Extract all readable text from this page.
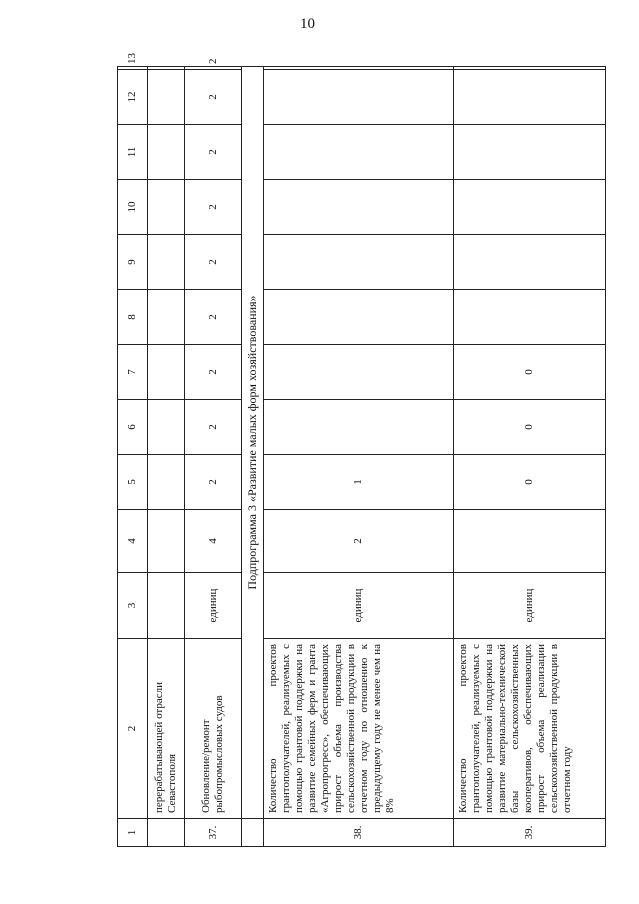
10
1	2	3	4	5	6	7	8	9	10	11	12	13
	перерабатывающей отрасли Севастополя											
37.	Обновление/ремонт рыбопромысловых судов	единиц	4	2	2	2	2	2	2	2	2	2
	Подпрограмма 3 «Развитие малых форм хозяйствования»											
38.	Количество проектов грантополучателей, реализуемых с помощью грантовой поддержки на развитие семейных ферм и гранта «Агропрогресс», обеспечивающих прирост объема производства сельскохозяйственной продукции в отчетном году по отношению к предыдущему году не менее чем на 8%	единиц	2	1								
39.	Количество проектов грантополучателей, реализуемых с помощью грантовой поддержки на развитие материально-технической базы сельскохозяйственных кооперативов, обеспечивающих прирост объема реализации сельскохозяйственной продукции в отчетном году	единиц		0	0	0						
